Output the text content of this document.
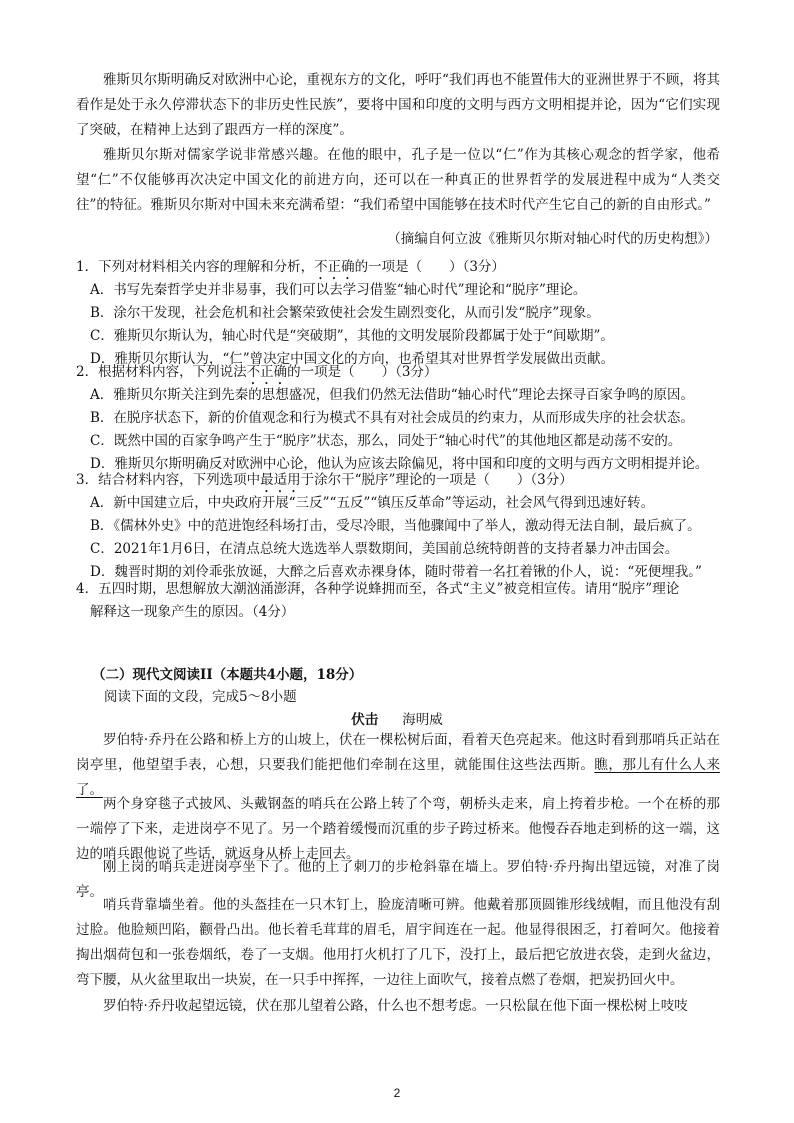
雅斯贝尔斯明确反对欧洲中心论，重视东方的文化，呼吁“我们再也不能置伟大的亚洲世界于不顾，将其看作是处于永久停滞状态下的非历史性民族”，要将中国和印度的文明与西方文明相提并论，因为“它们实现了突破，在精神上达到了跟西方一样的深度”。

雅斯贝尔斯对儒家学说非常感兴趣。在他的眼中，孔子是一位以“仁”作为其核心观念的哲学家，他希望“仁”不仅能够再次决定中国文化的前进方向，还可以在一种真正的世界哲学的发展进程中成为“人类交往”的特征。雅斯贝尔斯对中国未来充满希望：“我们希望中国能够在技术时代产生它自己的新的自由形式。”

（摘编自何立波《雅斯贝尔斯对轴心时代的历史构想》）
1．下列对材料相关内容的理解和分析，不正确的一项是（　　）（3分）
A．书写先秦哲学史并非易事，我们可以去学习借鉴“轴心时代”理论和“脱序”理论。
B．涂尔干发现，社会危机和社会繁荣致使社会发生剧烈变化，从而引发“脱序”现象。
C．雅斯贝尔斯认为，轴心时代是“突破期”，其他的文明发展阶段都属于处于“间歇期”。
D．雅斯贝尔斯认为，“仁”曾决定中国文化的方向，也希望其对世界哲学发展做出贡献。
2．根据材料内容，下列说法不正确的一项是（　　）（3分）
A．雅斯贝尔斯关注到先秦的思想盛况，但我们仍然无法借助“轴心时代”理论去探寻百家争鸣的原因。
B．在脱序状态下，新的价值观念和行为模式不具有对社会成员的约束力，从而形成失序的社会状态。
C．既然中国的百家争鸣产生于“脱序”状态，那么，同处于“轴心时代”的其他地区都是动荡不安的。
D．雅斯贝尔斯明确反对欧洲中心论，他认为应该去除偏见，将中国和印度的文明与西方文明相提并论。
3．结合材料内容，下列选项中最适用于涂尔干“脱序”理论的一项是（　　）（3分）
A．新中国建立后，中央政府开展“三反”“五反”“镇压反革命”等运动，社会风气得到迅速好转。
B．《儒林外史》中的范进饱经科场打击，受尽冷眼，当他骤闻中了举人，激动得无法自制，最后疯了。
C．2021年1月6日，在清点总统大选选举人票数期间，美国前总统特朗普的支持者暴力冲击国会。
D．魏晋时期的刘伶乖张放诞，大醉之后喜欢赤裸身体，随时带着一名扛着锹的仆人，说：“死便埋我。”
4．五四时期，思想解放大潮汹涌澎湃，各种学说蜂拥而至，各式“主义”被竞相宣传。请用“脱序”理论
解释这一现象产生的原因。（4分）
（二）现代文阅读II（本题共4小题，18分）
阅读下面的文段，完成5～8小题
伏击 海明威

罗伯特·乔丹在公路和桥上方的山坡上，伏在一棵松树后面，看着天色亮起来。他这时看到那哨兵正站在岗亭里，他望望手表，心想，只要我们能把他们牵制在这里，就能围住这些法西斯。瞧，那儿有什么人来了。

两个身穿毯子式披风、头戴钢盔的哨兵在公路上转了个弯，朝桥头走来，肩上挎着步枪。一个在桥的那一端停了下来，走进岗亭不见了。另一个踏着缓慢而沉重的步子跨过桥来。他慢吞吞地走到桥的这一端，这边的哨兵跟他说了些话，就返身从桥上走回去。

刚上岗的哨兵走进岗亭坐下了。他的上了刺刀的步枪斜靠在墙上。罗伯特·乔丹掏出望远镜，对准了岗亭。

哨兵背靠墙坐着。他的头盔挂在一只木钉上，脸庞清晰可辨。他戴着那顶圆锥形线绒帽，而且他没有刮过脸。他脸颊凹陷，颧骨凸出。他长着毛茸茸的眉毛，眉宇间连在一起。他显得很困乏，打着呵欠。他接着掏出烟荷包和一张卷烟纸，卷了一支烟。他用打火机打了几下，没打上，最后把它放进衣袋，走到火盆边，弯下腰，从火盆里取出一块炭，在一只手中挥挥，一边往上面吹气，接着点燃了卷烟，把炭扔回火中。

罗伯特·乔丹收起望远镜，伏在那儿望着公路，什么也不想考虑。一只松鼠在他下面一棵松树上吱吱

2
